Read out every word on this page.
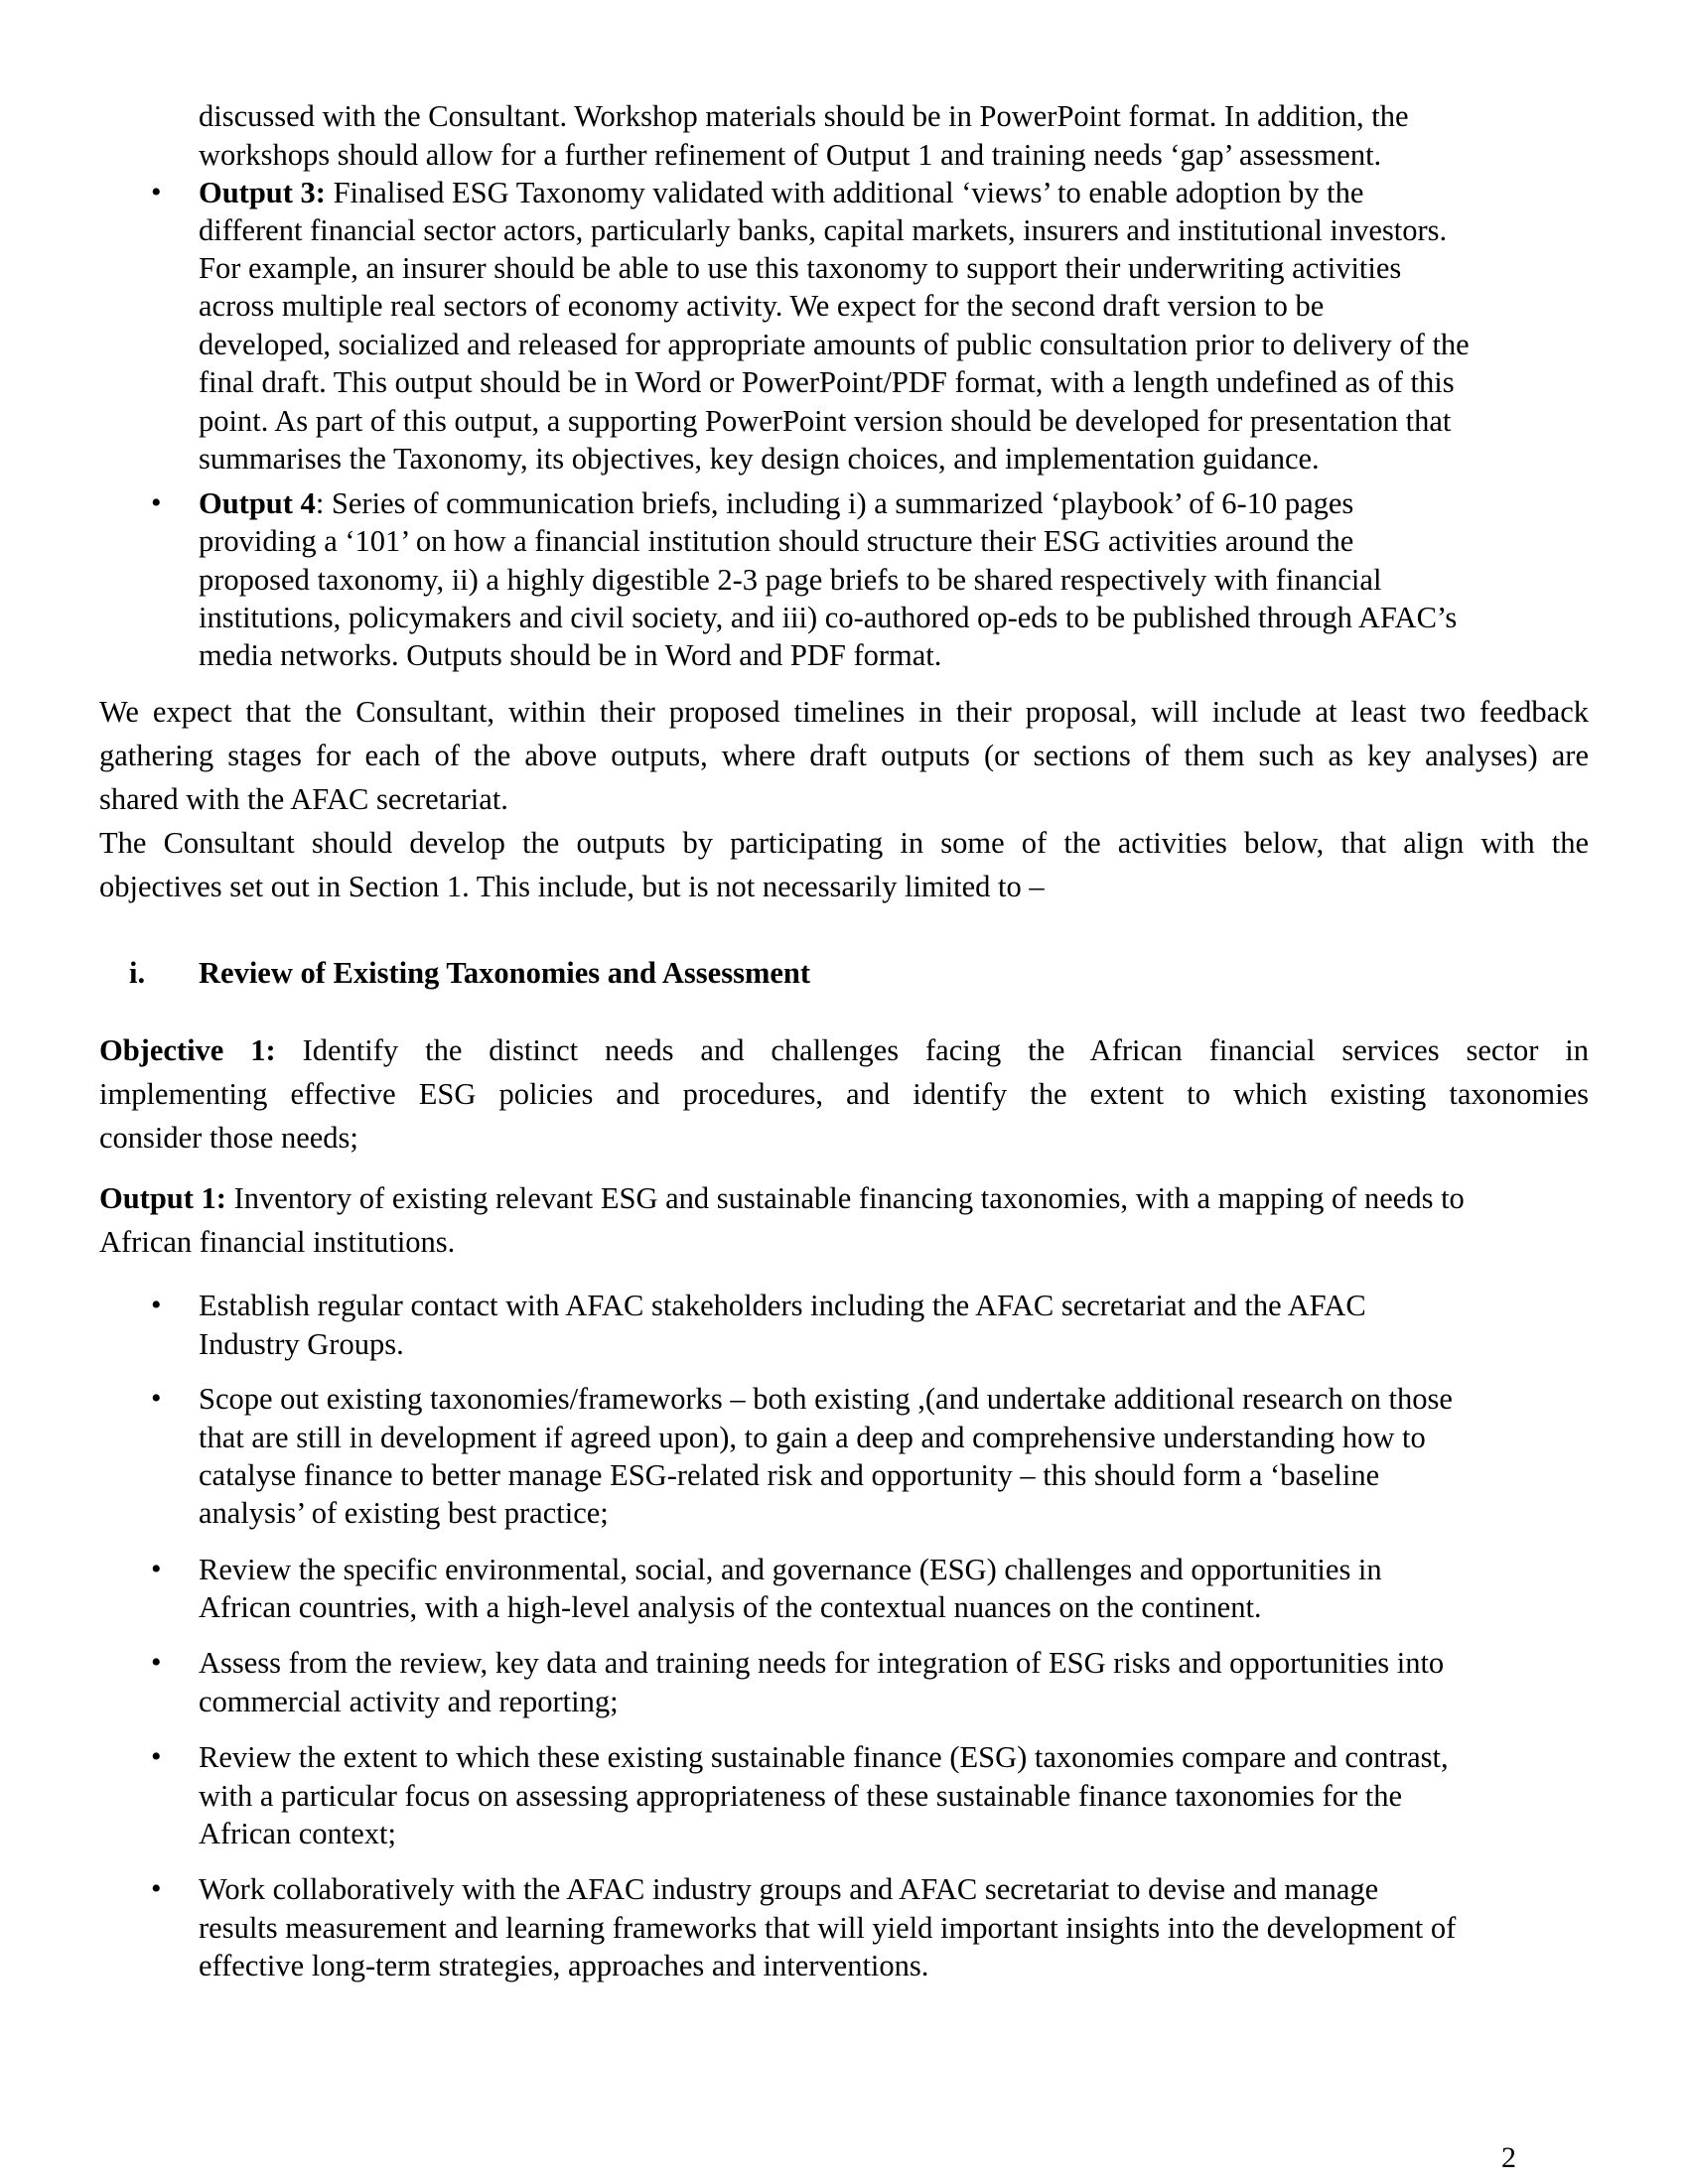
discussed with the Consultant. Workshop materials should be in PowerPoint format. In addition, the
workshops should allow for a further refinement of Output 1 and training needs ‘gap’ assessment.
• Output 3: Finalised ESG Taxonomy validated with additional ‘views’ to enable adoption by the
different financial sector actors, particularly banks, capital markets, insurers and institutional investors.
For example, an insurer should be able to use this taxonomy to support their underwriting activities
across multiple real sectors of economy activity. We expect for the second draft version to be
developed, socialized and released for appropriate amounts of public consultation prior to delivery of the
final draft. This output should be in Word or PowerPoint/PDF format, with a length undefined as of this
point. As part of this output, a supporting PowerPoint version should be developed for presentation that
summarises the Taxonomy, its objectives, key design choices, and implementation guidance.
• Output 4: Series of communication briefs, including i) a summarized ‘playbook’ of 6-10 pages
providing a ‘101’ on how a financial institution should structure their ESG activities around the
proposed taxonomy, ii) a highly digestible 2-3 page briefs to be shared respectively with financial
institutions, policymakers and civil society, and iii) co-authored op-eds to be published through AFAC’s
media networks. Outputs should be in Word and PDF format.
We expect that the Consultant, within their proposed timelines in their proposal, will include at least two feedback
gathering stages for each of the above outputs, where draft outputs (or sections of them such as key analyses) are
shared with the AFAC secretariat.
The Consultant should develop the outputs by participating in some of the activities below, that align with the
objectives set out in Section 1. This include, but is not necessarily limited to –
i. Review of Existing Taxonomies and Assessment
Objective 1: Identify the distinct needs and challenges facing the African financial services sector in
implementing effective ESG policies and procedures, and identify the extent to which existing taxonomies
consider those needs;
Output 1: Inventory of existing relevant ESG and sustainable financing taxonomies, with a mapping of needs to
African financial institutions.
• Establish regular contact with AFAC stakeholders including the AFAC secretariat and the AFAC
Industry Groups.
• Scope out existing taxonomies/frameworks – both existing ,(and undertake additional research on those
that are still in development if agreed upon), to gain a deep and comprehensive understanding how to
catalyse finance to better manage ESG-related risk and opportunity – this should form a ‘baseline
analysis’ of existing best practice;
• Review the specific environmental, social, and governance (ESG) challenges and opportunities in
African countries, with a high-level analysis of the contextual nuances on the continent.
• Assess from the review, key data and training needs for integration of ESG risks and opportunities into
commercial activity and reporting;
• Review the extent to which these existing sustainable finance (ESG) taxonomies compare and contrast,
with a particular focus on assessing appropriateness of these sustainable finance taxonomies for the
African context;
• Work collaboratively with the AFAC industry groups and AFAC secretariat to devise and manage
results measurement and learning frameworks that will yield important insights into the development of
effective long-term strategies, approaches and interventions.
2
